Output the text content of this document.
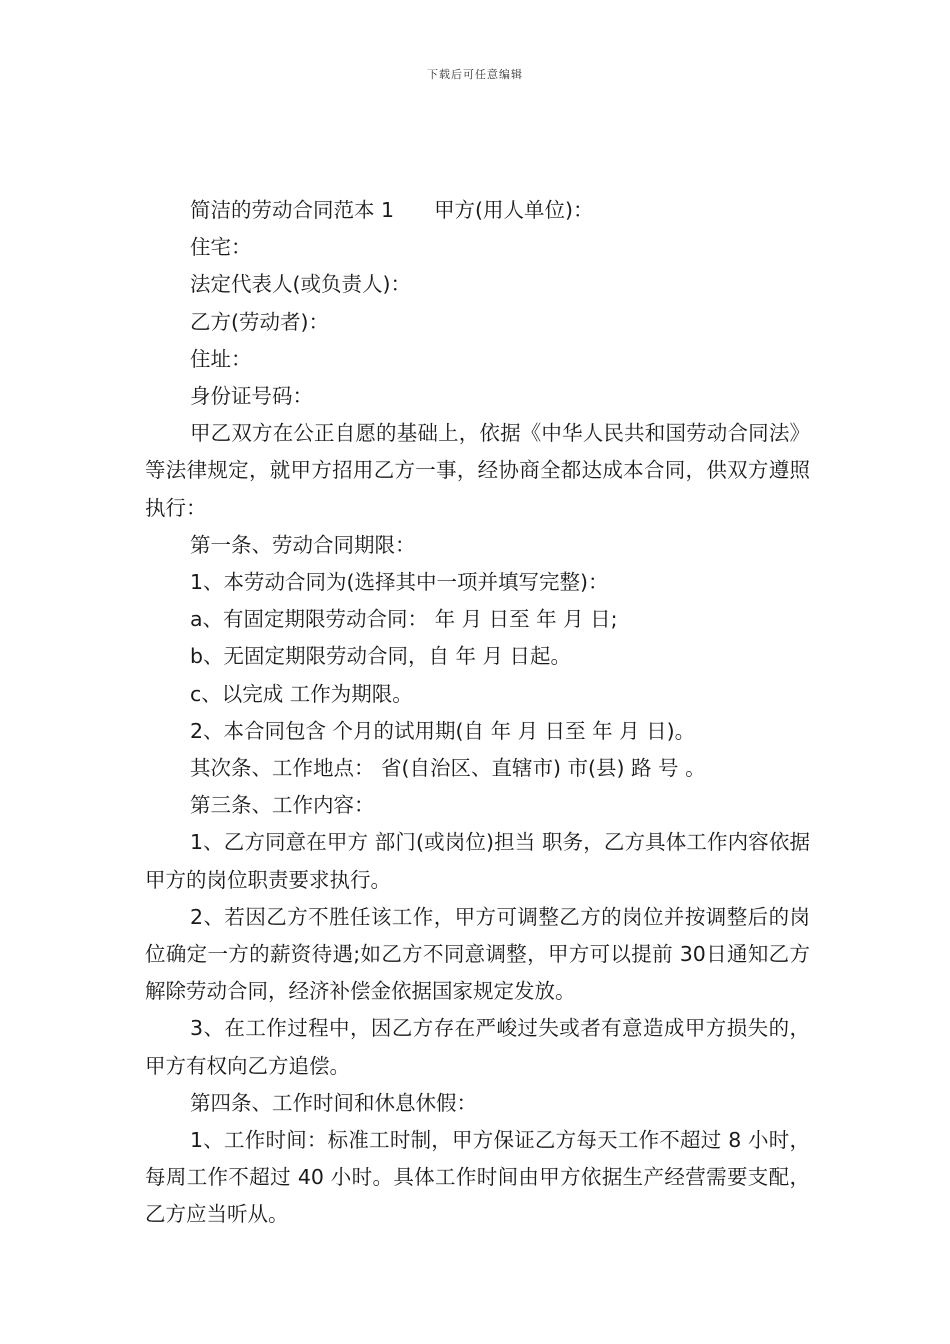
下载后可任意编辑

简洁的劳动合同范本 1 甲方(用人单位)：

住宅：

法定代表人(或负责人)：

乙方(劳动者)：

住址：

身份证号码：

甲乙双方在公正自愿的基础上，依据《中华人民共和国劳动合同法》等法律规定，就甲方招用乙方一事，经协商全都达成本合同，供双方遵照执行：

第一条、劳动合同期限：

1、本劳动合同为(选择其中一项并填写完整)：

a、有固定期限劳动合同： 年 月 日至 年 月 日;

b、无固定期限劳动合同，自 年 月 日起。

c、以完成 工作为期限。

2、本合同包含 个月的试用期(自 年 月 日至 年 月 日)。

其次条、工作地点： 省(自治区、直辖市) 市(县) 路 号 。

第三条、工作内容：

1、乙方同意在甲方 部门(或岗位)担当 职务，乙方具体工作内容依据甲方的岗位职责要求执行。

2、若因乙方不胜任该工作，甲方可调整乙方的岗位并按调整后的岗位确定一方的薪资待遇;如乙方不同意调整，甲方可以提前 30日通知乙方解除劳动合同，经济补偿金依据国家规定发放。

3、在工作过程中，因乙方存在严峻过失或者有意造成甲方损失的，甲方有权向乙方追偿。

第四条、工作时间和休息休假：

1、工作时间：标准工时制，甲方保证乙方每天工作不超过 8 小时，每周工作不超过 40 小时。具体工作时间由甲方依据生产经营需要支配，乙方应当听从。
